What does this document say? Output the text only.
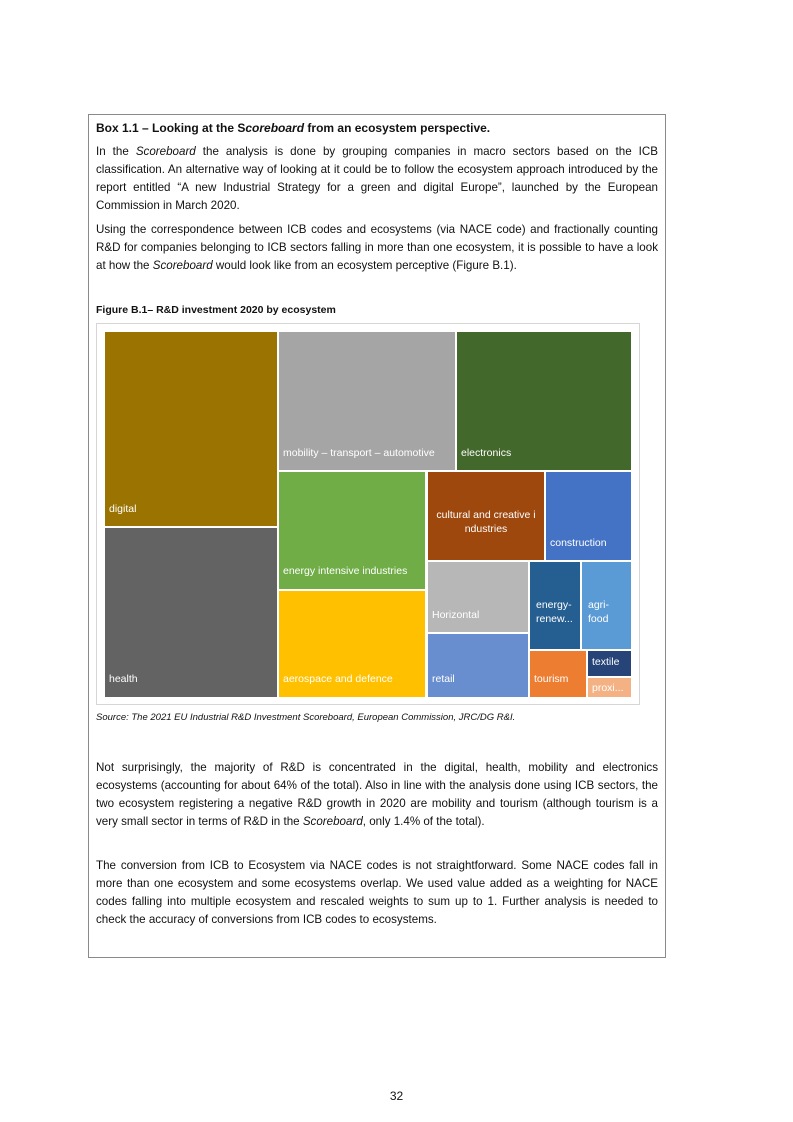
Box 1.1 – Looking at the Scoreboard from an ecosystem perspective.
In the Scoreboard the analysis is done by grouping companies in macro sectors based on the ICB classification. An alternative way of looking at it could be to follow the ecosystem approach introduced by the report entitled “A new Industrial Strategy for a green and digital Europe”, launched by the European Commission in March 2020.
Using the correspondence between ICB codes and ecosystems (via NACE code) and fractionally counting R&D for companies belonging to ICB sectors falling in more than one ecosystem, it is possible to have a look at how the Scoreboard would look like from an ecosystem perceptive (Figure B.1).
Figure B.1– R&D investment 2020 by ecosystem
digital
health
mobility – transport – automotive	electronics
energy intensive industries
aerospace and defence
cultural and creative i ndustries
construction
Horizontal
retail
energy-renew...
agri-food
tourism
textile
proxi...
Source: The 2021 EU Industrial R&D Investment Scoreboard, European Commission, JRC/DG R&I.
Not surprisingly, the majority of R&D is concentrated in the digital, health, mobility and electronics ecosystems (accounting for about 64% of the total). Also in line with the analysis done using ICB sectors, the two ecosystem registering a negative R&D growth in 2020 are mobility and tourism (although tourism is a very small sector in terms of R&D in the Scoreboard, only 1.4% of the total).
The conversion from ICB to Ecosystem via NACE codes is not straightforward. Some NACE codes fall in more than one ecosystem and some ecosystems overlap. We used value added as a weighting for NACE codes falling into multiple ecosystem and rescaled weights to sum up to 1. Further analysis is needed to check the accuracy of conversions from ICB codes to ecosystems.
32
